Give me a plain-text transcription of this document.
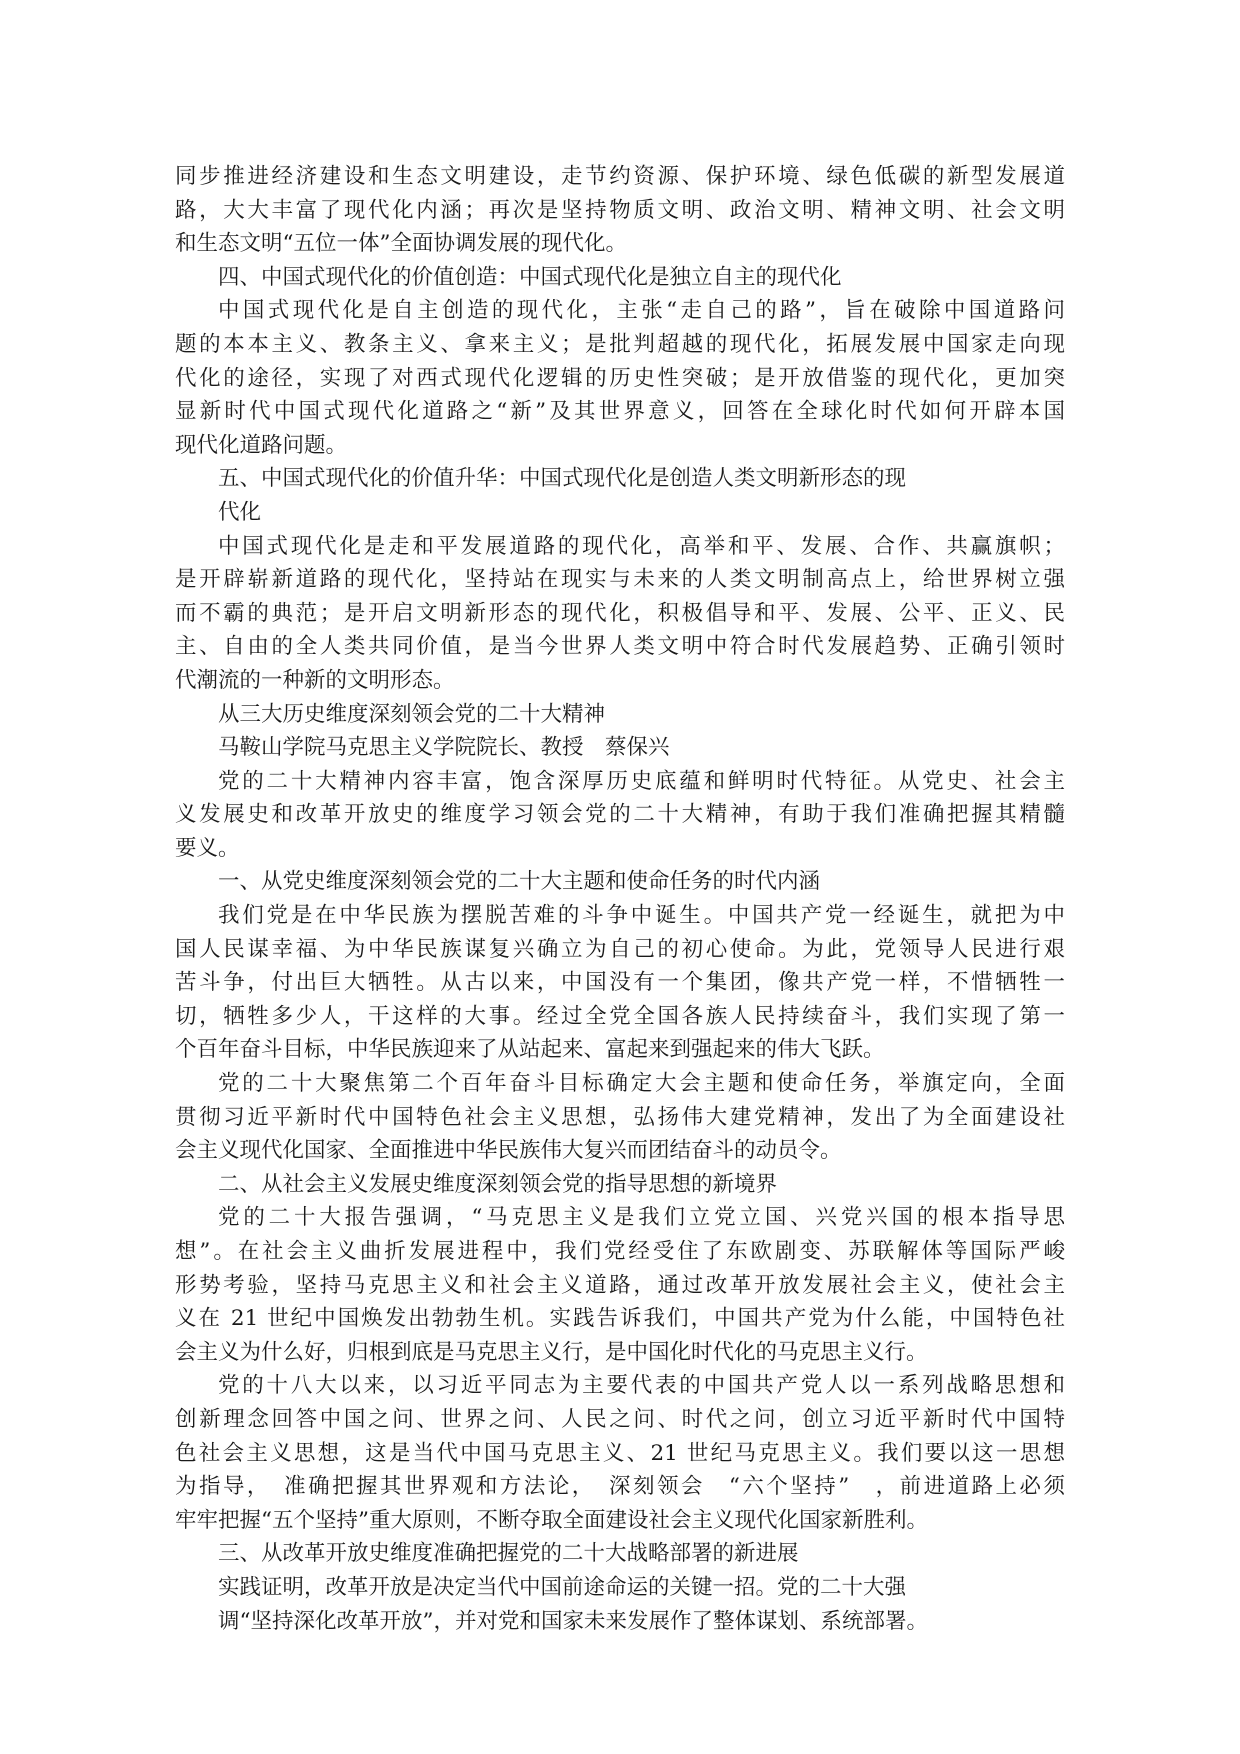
同步推进经济建设和生态文明建设，走节约资源、保护环境、绿色低碳的新型发展道
路，大大丰富了现代化内涵；再次是坚持物质文明、政治文明、精神文明、社会文明
和生态文明“五位一体”全面协调发展的现代化。
四、中国式现代化的价值创造：中国式现代化是独立自主的现代化
中国式现代化是自主创造的现代化，主张“走自己的路”，旨在破除中国道路问
题的本本主义、教条主义、拿来主义；是批判超越的现代化，拓展发展中国家走向现
代化的途径，实现了对西式现代化逻辑的历史性突破；是开放借鉴的现代化，更加突
显新时代中国式现代化道路之“新”及其世界意义，回答在全球化时代如何开辟本国
现代化道路问题。
五、中国式现代化的价值升华：中国式现代化是创造人类文明新形态的现
代化
中国式现代化是走和平发展道路的现代化，高举和平、发展、合作、共赢旗帜；
是开辟崭新道路的现代化，坚持站在现实与未来的人类文明制高点上，给世界树立强
而不霸的典范；是开启文明新形态的现代化，积极倡导和平、发展、公平、正义、民
主、自由的全人类共同价值，是当今世界人类文明中符合时代发展趋势、正确引领时
代潮流的一种新的文明形态。
从三大历史维度深刻领会党的二十大精神
马鞍山学院马克思主义学院院长、教授　蔡保兴
党的二十大精神内容丰富，饱含深厚历史底蕴和鲜明时代特征。从党史、社会主
义发展史和改革开放史的维度学习领会党的二十大精神，有助于我们准确把握其精髓
要义。
一、从党史维度深刻领会党的二十大主题和使命任务的时代内涵
我们党是在中华民族为摆脱苦难的斗争中诞生。中国共产党一经诞生，就把为中
国人民谋幸福、为中华民族谋复兴确立为自己的初心使命。为此，党领导人民进行艰
苦斗争，付出巨大牺牲。从古以来，中国没有一个集团，像共产党一样，不惜牺牲一
切，牺牲多少人，干这样的大事。经过全党全国各族人民持续奋斗，我们实现了第一
个百年奋斗目标，中华民族迎来了从站起来、富起来到强起来的伟大飞跃。
党的二十大聚焦第二个百年奋斗目标确定大会主题和使命任务，举旗定向，全面
贯彻习近平新时代中国特色社会主义思想，弘扬伟大建党精神，发出了为全面建设社
会主义现代化国家、全面推进中华民族伟大复兴而团结奋斗的动员令。
二、从社会主义发展史维度深刻领会党的指导思想的新境界
党的二十大报告强调，“马克思主义是我们立党立国、兴党兴国的根本指导思
想”。在社会主义曲折发展进程中，我们党经受住了东欧剧变、苏联解体等国际严峻
形势考验，坚持马克思主义和社会主义道路，通过改革开放发展社会主义，使社会主
义在 21 世纪中国焕发出勃勃生机。实践告诉我们，中国共产党为什么能，中国特色社
会主义为什么好，归根到底是马克思主义行，是中国化时代化的马克思主义行。
党的十八大以来，以习近平同志为主要代表的中国共产党人以一系列战略思想和
创新理念回答中国之问、世界之问、人民之问、时代之问，创立习近平新时代中国特
色社会主义思想，这是当代中国马克思主义、21 世纪马克思主义。我们要以这一思想
为指导，　准确把握其世界观和方法论，　深刻领会　“六个坚持”　，前进道路上必须
牢牢把握“五个坚持”重大原则，不断夺取全面建设社会主义现代化国家新胜利。
三、从改革开放史维度准确把握党的二十大战略部署的新进展
实践证明，改革开放是决定当代中国前途命运的关键一招。党的二十大强
调“坚持深化改革开放”，并对党和国家未来发展作了整体谋划、系统部署。
